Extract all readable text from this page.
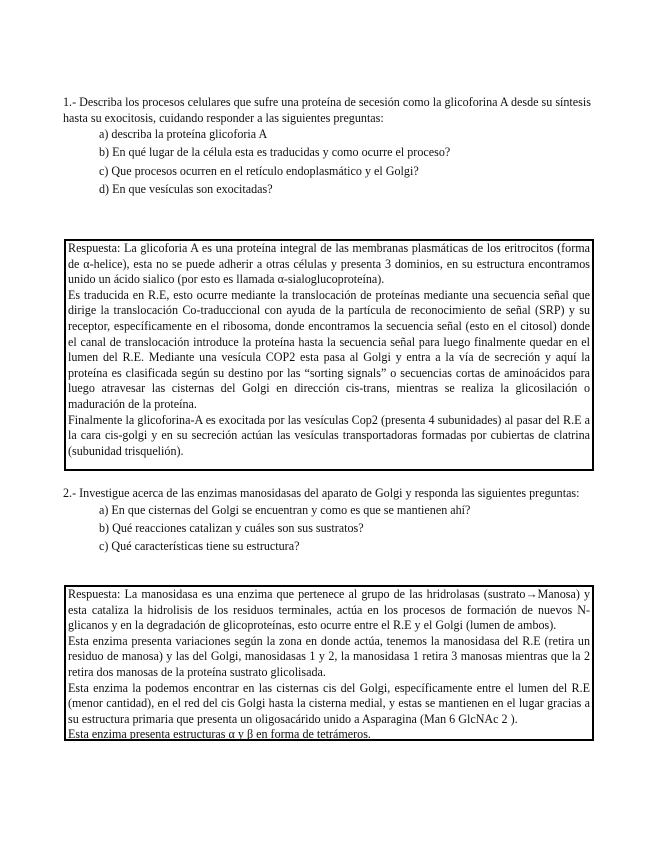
1.- Describa los procesos celulares que sufre una proteína de secesión como la glicoforina A desde su síntesis hasta su exocitosis, cuidando responder a las siguientes preguntas:

a) describa la proteína glicoforia A
b) En qué lugar de la célula esta es traducidas y como ocurre el proceso?
c) Que procesos ocurren en el retículo endoplasmático y el Golgi?
d) En que vesículas son exocitadas?

Respuesta: La glicoforia A es una proteína integral de las membranas plasmáticas de los eritrocitos (forma de α-helice), esta no se puede adherir a otras células y presenta 3 dominios, en su estructura encontramos unido un ácido sialico (por esto es llamada α-sialoglucoproteína).

Es traducida en R.E, esto ocurre mediante la translocación de proteínas mediante una secuencia señal que dirige la translocación Co-traduccional con ayuda de la partícula de reconocimiento de señal (SRP) y su receptor, específicamente en el ribosoma, donde encontramos la secuencia señal (esto en el citosol) donde el canal de translocación introduce la proteína hasta la secuencia señal para luego finalmente quedar en el lumen del R.E. Mediante una vesícula COP2 esta pasa al Golgi y entra a la vía de secreción y aquí la proteína es clasificada según su destino por las “sorting signals” o secuencias cortas de aminoácidos para luego atravesar las cisternas del Golgi en dirección cis-trans, mientras se realiza la glicosilación o maduración de la proteína.

Finalmente la glicoforina-A es exocitada por las vesículas Cop2 (presenta 4 subunidades) al pasar del R.E a la cara cis-golgi y en su secreción actúan las vesículas transportadoras formadas por cubiertas de clatrina (subunidad trisquelión).

2.- Investigue acerca de las enzimas manosidasas del aparato de Golgi y responda las siguientes preguntas:

a) En que cisternas del Golgi se encuentran y como es que se mantienen ahí?
b) Qué reacciones catalizan y cuáles son sus sustratos?
c) Qué características tiene su estructura?

Respuesta: La manosidasa es una enzima que pertenece al grupo de las hridrolasas (sustrato→Manosa) y esta cataliza la hidrolisis de los residuos terminales, actúa en los procesos de formación de nuevos N-glicanos y en la degradación de glicoproteínas, esto ocurre entre el R.E y el Golgi (lumen de ambos).

Esta enzima presenta variaciones según la zona en donde actúa, tenemos la manosidasa del R.E (retira un residuo de manosa) y las del Golgi, manosidasas 1 y 2, la manosidasa 1 retira 3 manosas mientras que la 2 retira dos manosas de la proteína sustrato glicolisada.

Esta enzima la podemos encontrar en las cisternas cis del Golgi, específicamente entre el lumen del R.E (menor cantidad), en el red del cis Golgi hasta la cisterna medial, y estas se mantienen en el lugar gracias a su estructura primaria que presenta un oligosacárido unido a Asparagina (Man 6 GlcNAc 2 ).

Esta enzima presenta estructuras α y β en forma de tetrámeros.
